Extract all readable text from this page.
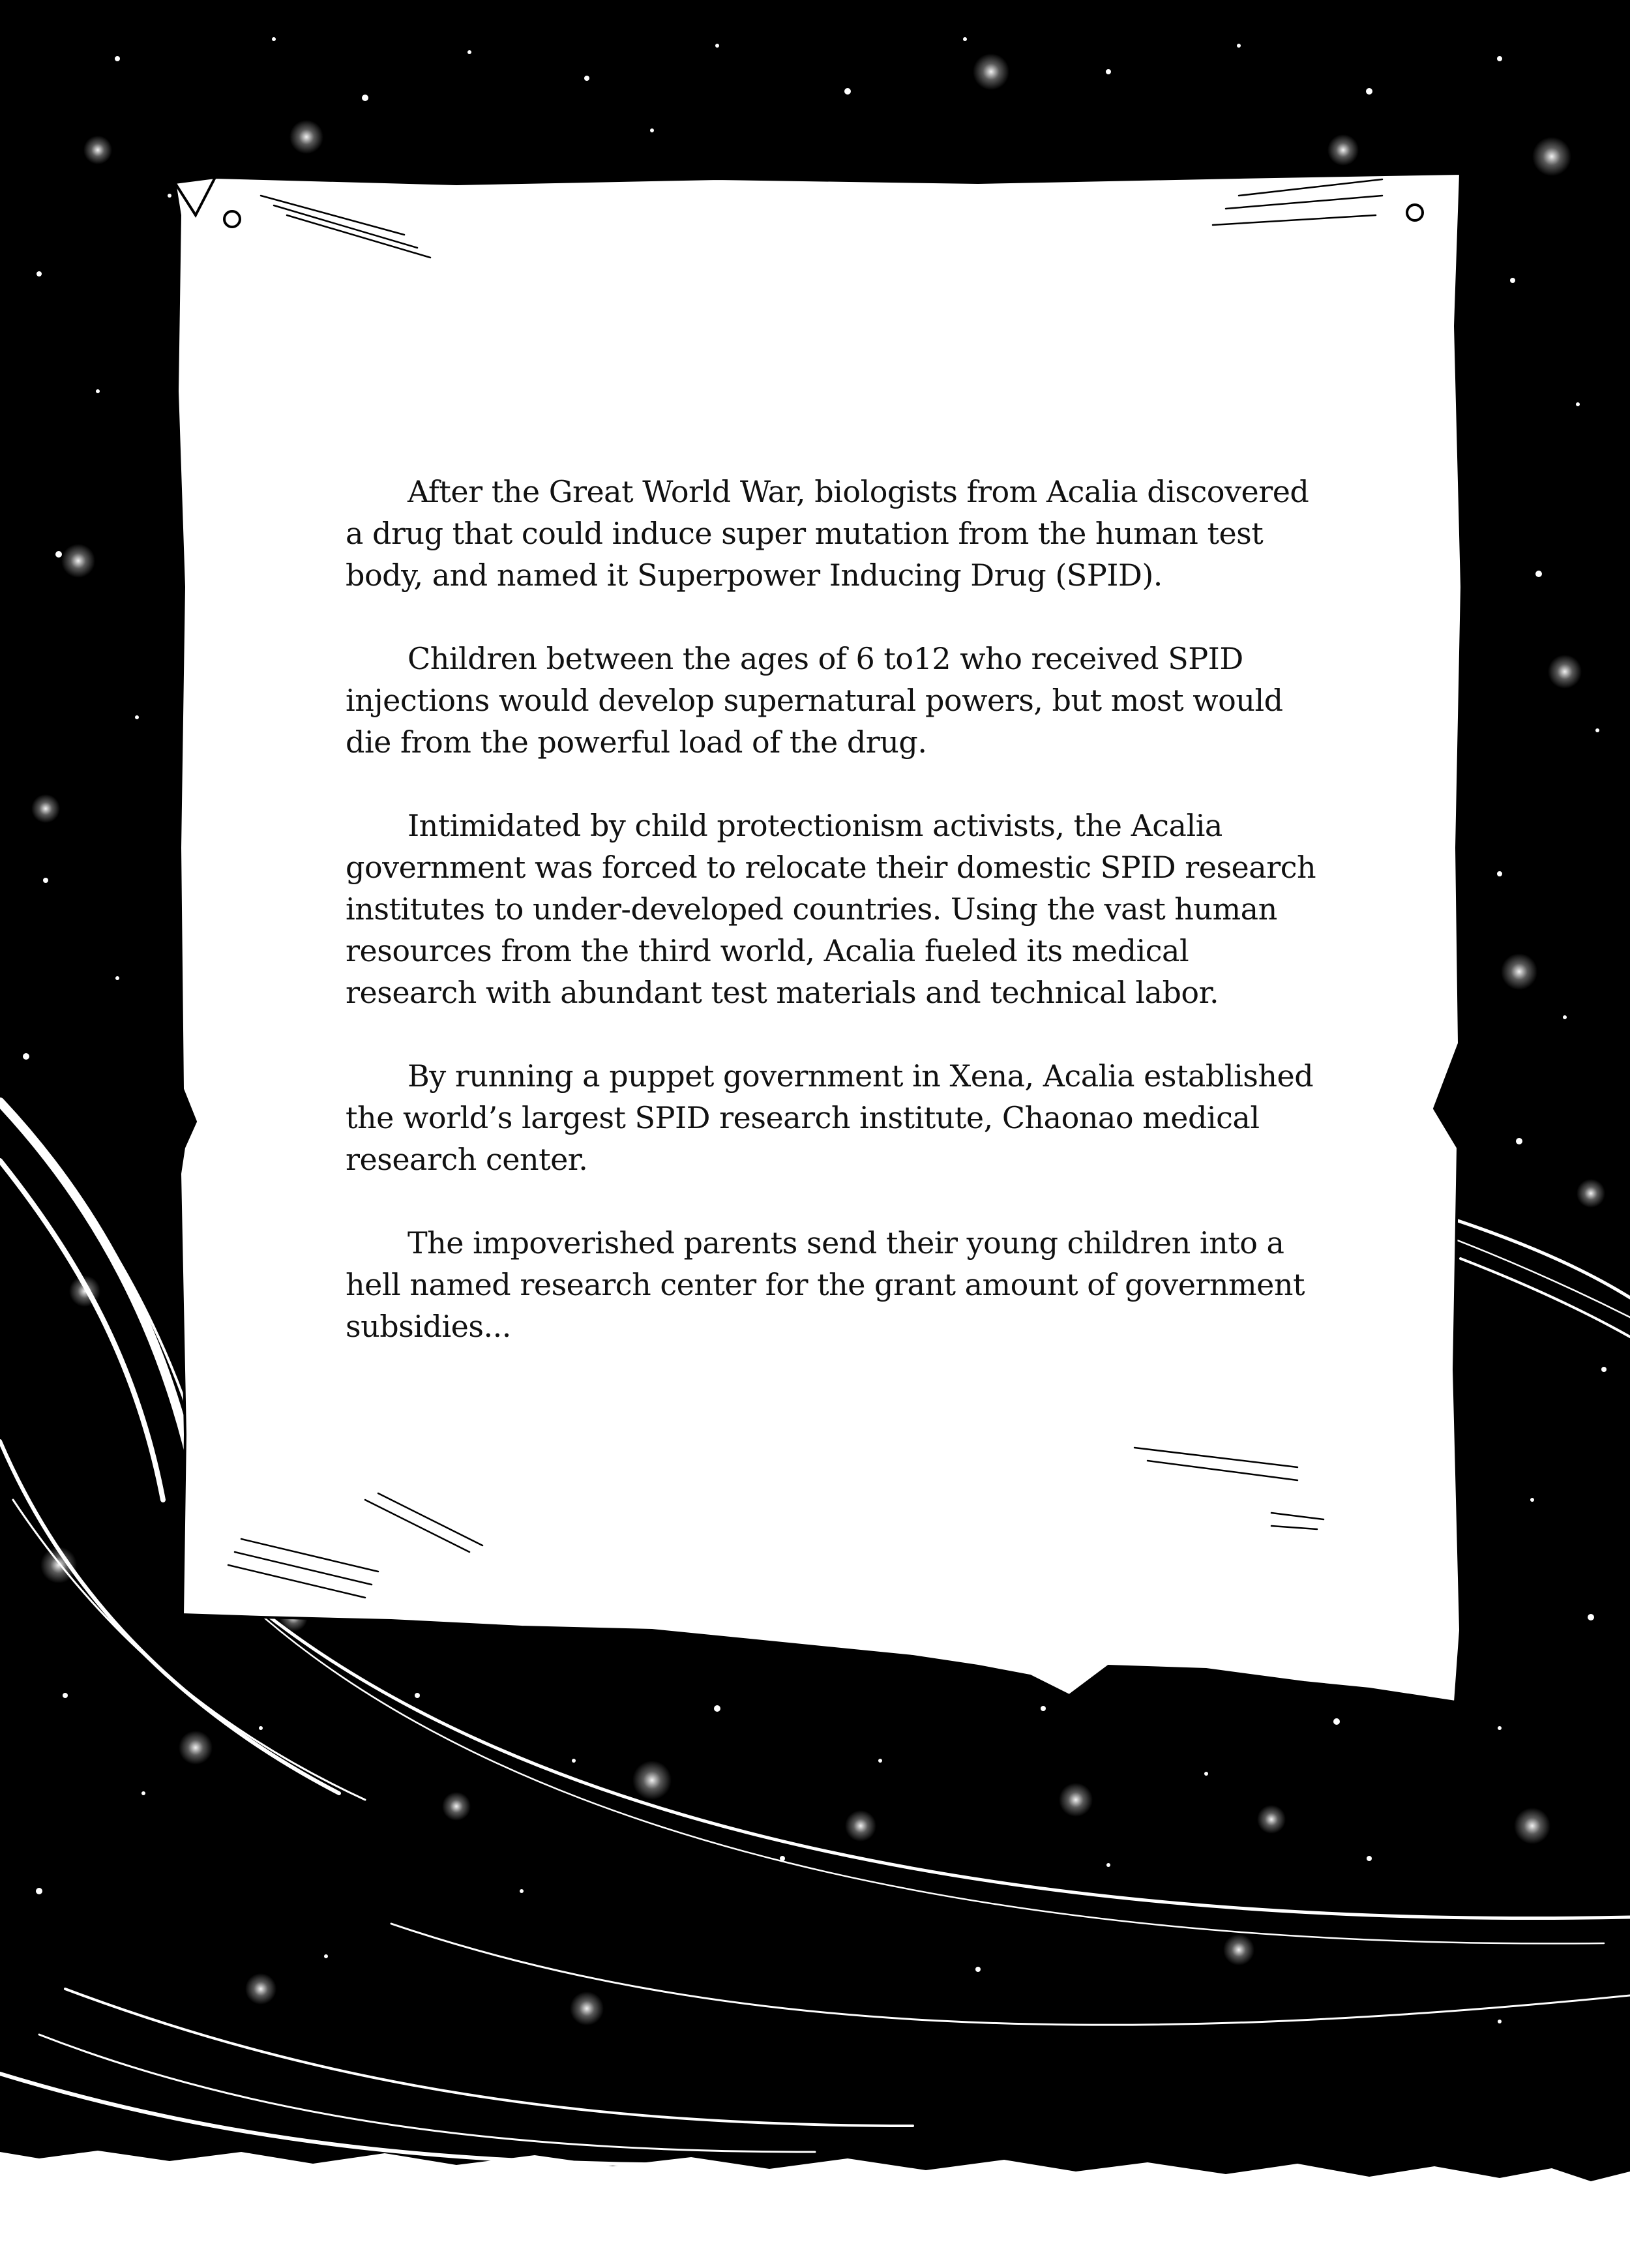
After the Great World War, biologists from Acalia discovered a drug that could induce super mutation from the human test body, and named it Superpower Inducing Drug (SPID).

Children between the ages of 6 to12 who received SPID injections would develop supernatural powers, but most would die from the powerful load of the drug.

Intimidated by child protectionism activists, the Acalia government was forced to relocate their domestic SPID research institutes to under-developed countries. Using the vast human resources from the third world, Acalia fueled its medical research with abundant test materials and technical labor.

By running a puppet government in Xena, Acalia established the world’s largest SPID research institute, Chaonao medical research center.

The impoverished parents send their young children into a hell named research center for the grant amount of government subsidies...
